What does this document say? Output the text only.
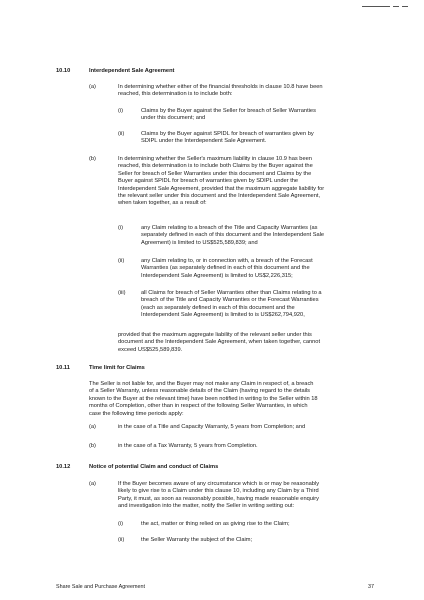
10.10	Interdependent Sale Agreement
(a)	In determining whether either of the financial thresholds in clause 10.8 have been
reached, this determination is to include both:
(i)	Claims by the Buyer against the Seller for breach of Seller Warranties
under this document; and
(ii)	Claims by the Buyer against SPIDL for breach of warranties given by
SDIPL under the Interdependent Sale Agreement.
(b)	In determining whether the Seller's maximum liability in clause 10.9 has been
reached, this determination is to include both Claims by the Buyer against the
Seller for breach of Seller Warranties under this document and Claims by the
Buyer against SPIDL for breach of warranties given by SDIPL under the
Interdependent Sale Agreement, provided that the maximum aggregate liability for
the relevant seller under this document and the Interdependent Sale Agreement,
when taken together, as a result of:
(i)	any Claim relating to a breach of the Title and Capacity Warranties (as
separately defined in each of this document and the Interdependent Sale
Agreement) is limited to US$525,589,839; and
(ii)	any Claim relating to, or in connection with, a breach of the Forecast
Warranties (as separately defined in each of this document and the
Interdependent Sale Agreement) is limited to US$2,226,315;
(iii)	all Claims for breach of Seller Warranties other than Claims relating to a
breach of the Title and Capacity Warranties or the Forecast Warranties
(each as separately defined in each of this document and the
Interdependent Sale Agreement) is limited to is US$262,794,920,
provided that the maximum aggregate liability of the relevant seller under this
document and the Interdependent Sale Agreement, when taken together, cannot
exceed US$525,589,839.
10.11	Time limit for Claims
The Seller is not liable for, and the Buyer may not make any Claim in respect of, a breach
of a Seller Warranty, unless reasonable details of the Claim (having regard to the details
known to the Buyer at the relevant time) have been notified in writing to the Seller within 18
months of Completion, other than in respect of the following Seller Warranties, in which
case the following time periods apply:
(a)	in the case of a Title and Capacity Warranty, 5 years from Completion; and
(b)	in the case of a Tax Warranty, 5 years from Completion.
10.12	Notice of potential Claim and conduct of Claims
(a)	If the Buyer becomes aware of any circumstance which is or may be reasonably
likely to give rise to a Claim under this clause 10, including any Claim by a Third
Party, it must, as soon as reasonably possible, having made reasonable enquiry
and investigation into the matter, notify the Seller in writing setting out:
(i)	the act, matter or thing relied on as giving rise to the Claim;
(ii)	the Seller Warranty the subject of the Claim;
Share Sale and Purchase Agreement	37
